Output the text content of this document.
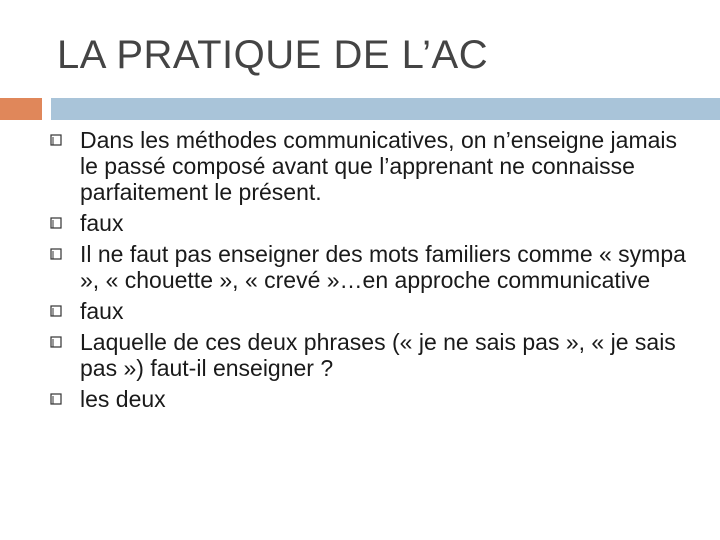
LA PRATIQUE DE L’AC
Dans les méthodes communicatives, on n’enseigne jamais le passé composé avant que l’apprenant ne connaisse parfaitement le présent.
faux
Il ne faut pas enseigner des mots familiers comme « sympa », « chouette », « crevé »…en approche communicative
faux
Laquelle de ces deux phrases (« je ne sais pas », « je sais pas ») faut-il enseigner ?
les deux
